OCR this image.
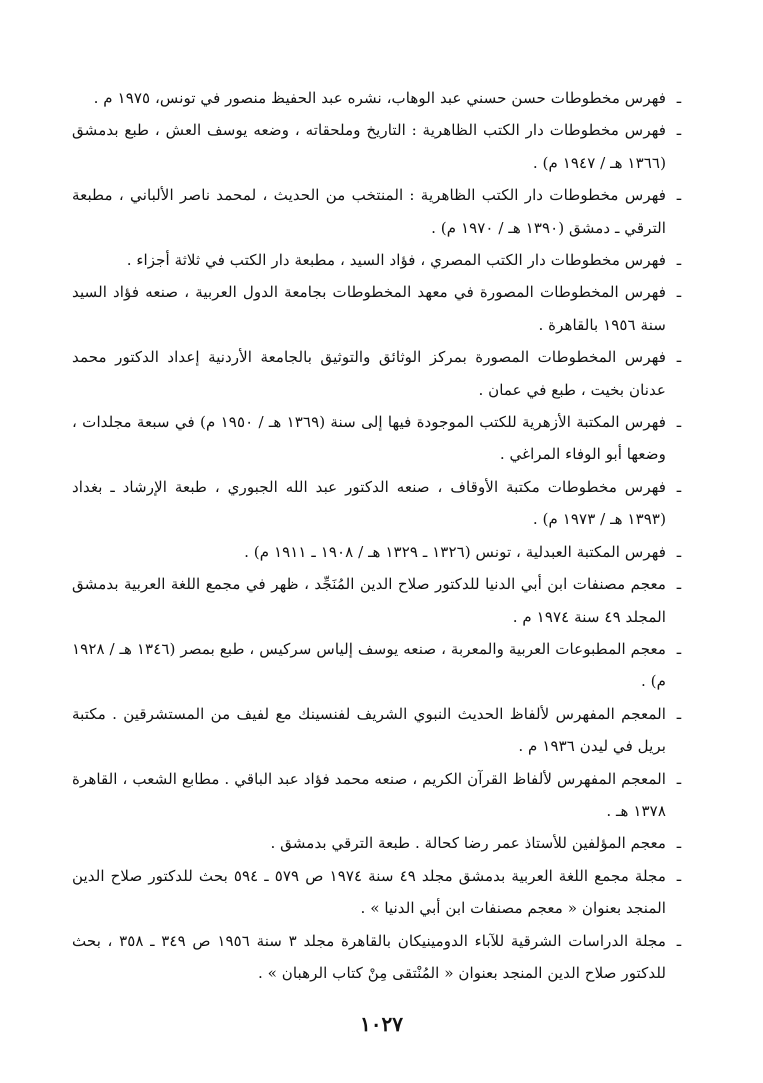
ـ
فهرس مخطوطات حسن حسني عبد الوهاب، نشره عبد الحفيظ منصور في تونس، ١٩٧٥ م .
ـ
فهرس مخطوطات دار الكتب الظاهرية : التاريخ وملحقاته ، وضعه يوسف العش ، طبع بدمشق (١٣٦٦ هـ / ١٩٤٧ م) .
ـ
فهرس مخطوطات دار الكتب الظاهرية : المنتخب من الحديث ، لمحمد ناصر الألباني ، مطبعة الترقي ـ دمشق (١٣٩٠ هـ / ١٩٧٠ م) .
ـ
فهرس مخطوطات دار الكتب المصري ، فؤاد السيد ، مطبعة دار الكتب في ثلاثة أجزاء .
ـ
فهرس المخطوطات المصورة في معهد المخطوطات بجامعة الدول العربية ، صنعه فؤاد السيد سنة ١٩٥٦ بالقاهرة .
ـ
فهرس المخطوطات المصورة بمركز الوثائق والتوثيق بالجامعة الأردنية إعداد الدكتور محمد عدنان بخيت ، طبع في عمان .
ـ
فهرس المكتبة الأزهرية للكتب الموجودة فيها إلى سنة (١٣٦٩ هـ / ١٩٥٠ م) في سبعة مجلدات ، وضعها أبو الوفاء المراغي .
ـ
فهرس مخطوطات مكتبة الأوقاف ، صنعه الدكتور عبد الله الجبوري ، طبعة الإرشاد ـ بغداد (١٣٩٣ هـ / ١٩٧٣ م) .
ـ
فهرس المكتبة العبدلية ، تونس (١٣٢٦ ـ ١٣٢٩ هـ / ١٩٠٨ ـ ١٩١١ م) .
ـ
معجم مصنفات ابن أبي الدنيا للدكتور صلاح الدين المُنَجِّد ، ظهر في مجمع اللغة العربية بدمشق المجلد ٤٩ سنة ١٩٧٤ م .
ـ
معجم المطبوعات العربية والمعربة ، صنعه يوسف إلياس سركيس ، طبع بمصر (١٣٤٦ هـ / ١٩٢٨ م) .
ـ
المعجم المفهرس لألفاظ الحديث النبوي الشريف لفنسينك مع لفيف من المستشرقين . مكتبة بريل في ليدن ١٩٣٦ م .
ـ
المعجم المفهرس لألفاظ القرآن الكريم ، صنعه محمد فؤاد عبد الباقي . مطابع الشعب ، القاهرة ١٣٧٨ هـ .
ـ
معجم المؤلفين للأستاذ عمر رضا كحالة . طبعة الترقي بدمشق .
ـ
مجلة مجمع اللغة العربية بدمشق مجلد ٤٩ سنة ١٩٧٤ ص ٥٧٩ ـ ٥٩٤ بحث للدكتور صلاح الدين المنجد بعنوان « معجم مصنفات ابن أبي الدنيا » .
ـ
مجلة الدراسات الشرقية للآباء الدومينيكان بالقاهرة مجلد ٣ سنة ١٩٥٦ ص ٣٤٩ ـ ٣٥٨ ، بحث للدكتور صلاح الدين المنجد بعنوان « المُنْتقى مِنْ كتاب الرهبان » .
١٠٢٧
